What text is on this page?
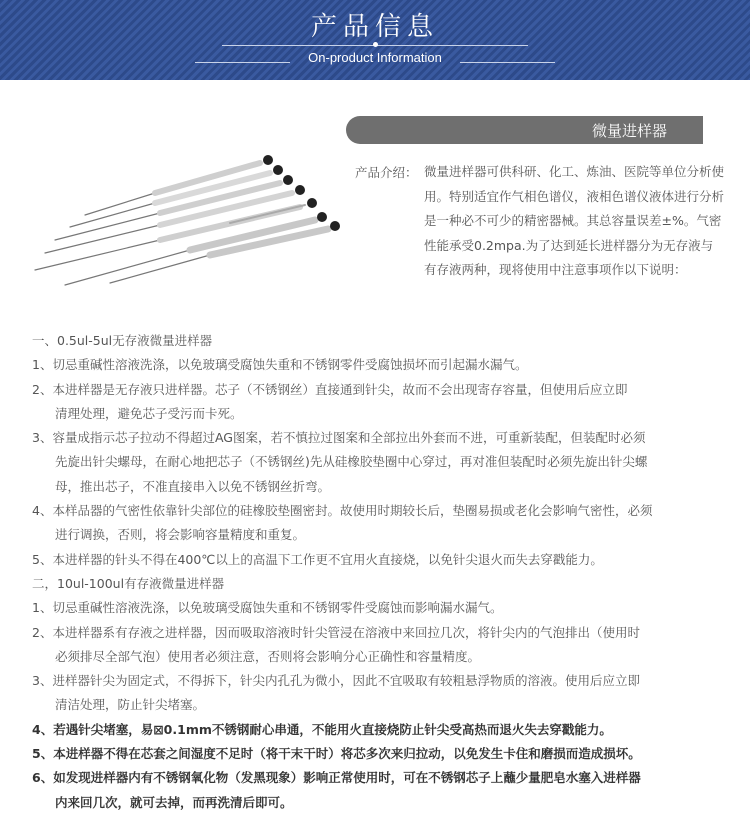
产品信息
On-product Information
微量进样器
产品介绍： 微量进样器可供科研、化工、炼油、医院等单位分析使用。特别适宜作气相色谱仪，液相色谱仪液体进行分析是一种必不可少的精密器械。其总容量误差±%。气密性能承受0.2mpa.为了达到延长进样器分为无存液与有存液两种，现将使用中注意事项作以下说明：

一、0.5ul-5ul无存液微量进样器

1、切忌重碱性溶液洗涤，以免玻璃受腐蚀失重和不锈钢零件受腐蚀损坏而引起漏水漏气。

2、本进样器是无存液只进样器。芯子（不锈钢丝）直接通到针尖，故而不会出现寄存容量，但使用后应立即

清理处理，避免芯子受污而卡死。

3、容量成指示芯子拉动不得超过AG图案，若不慎拉过图案和全部拉出外套而不进，可重新装配，但装配时必须

先旋出针尖螺母，在耐心地把芯子（不锈钢丝)先从硅橡胶垫圈中心穿过，再对准但装配时必须先旋出针尖螺

母，推出芯子，不准直接串入以免不锈钢丝折弯。

4、本样品器的气密性依靠针尖部位的硅橡胶垫圈密封。故使用时期较长后，垫圈易损或老化会影响气密性，必须

进行调换，否则，将会影响容量精度和重复。

5、本进样器的针头不得在400℃以上的高温下工作更不宜用火直接烧，以免针尖退火而失去穿戳能力。

二，10ul-100ul有存液微量进样器

1、切忌重碱性溶液洗涤，以免玻璃受腐蚀失重和不锈钢零件受腐蚀而影响漏水漏气。

2、本进样器系有存液之进样器，因而吸取溶液时针尖管浸在溶液中来回拉几次，将针尖内的气泡排出（使用时

必须排尽全部气泡）使用者必须注意，否则将会影响分心正确性和容量精度。

3、进样器针尖为固定式，不得拆下，针尖内孔孔为微小，因此不宜吸取有较粗悬浮物质的溶液。使用后应立即

清洁处理，防止针尖堵塞。

4、若遇针尖堵塞，易⊠0.1mm不锈钢耐心串通，不能用火直接烧防止针尖受高热而退火失去穿戳能力。

5、本进样器不得在芯套之间湿度不足时（将干末干时）将芯多次来归拉动，以免发生卡住和磨损而造成损坏。

6、如发现进样器内有不锈钢氧化物（发黑现象）影响正常使用时，可在不锈钢芯子上蘸少量肥皂水塞入进样器

内来回几次，就可去掉，而再洗清后即可。
